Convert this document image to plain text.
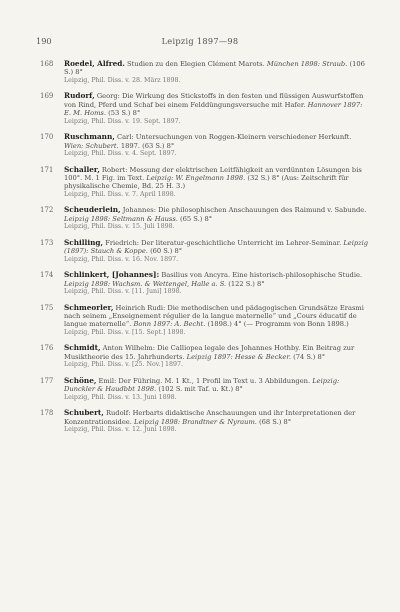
190	Leipzig 1897—98
168 Roedel, Alfred. Studien zu den Elegien Clément Marots. München 1898: Straub. (106 S.) 8°
Leipzig, Phil. Diss. v. 28. März 1898.
169 Rudorf, Georg: Die Wirkung des Stickstoffs in den festen und flüssigen Auswurfstoffen von Rind, Pferd und Schaf bei einem Felddüngungsversuche mit Hafer. Hannover 1897: E. M. Homs. (53 S.) 8°
Leipzig, Phil. Diss. v. 19. Sept. 1897.
170 Ruschmann, Carl: Untersuchungen von Roggen-Kleinern verschiedener Herkunft. Wien: Schubert. 1897. (63 S.) 8°
Leipzig, Phil. Diss. v. 4. Sept. 1897.
171 Schaller, Robert: Messung der elektrischen Leitfähigkeit an verdünnten Lösungen bis 100°. M. 1 Fig. im Text. Leipzig: W. Engelmann 1898. (32 S.) 8° (Aus: Zeitschrift für physikalische Chemie, Bd. 25 H. 3.)
Leipzig, Phil. Diss. v. 7. April 1898.
172 Scheuderlein, Johannes: Die philosophischen Anschauungen des Raimund v. Sabunde. Leipzig 1898: Seltmann & Hauss. (65 S.) 8°
Leipzig, Phil. Diss. v. 15. Juli 1898.
173 Schilling, Friedrich: Der literatur-geschichtliche Unterricht im Lehrer-Seminar. Leipzig (1897): Stauch & Koppe. (60 S.) 8°
Leipzig, Phil. Diss. v. 16. Nov. 1897.
174 Schlinkert, [Johannes]: Basilius von Ancyra. Eine historisch-philosophische Studie. Leipzig 1898: Wachsm. & Wettengel, Halle a. S. (122 S.) 8°
Leipzig, Phil. Diss. v. [11. Juni] 1898.
175 Schmeorler, Heinrich Rudi: Die methodischen und pädagogischen Grundsätze Erasmi nach seinem „Enseignement régulier de la langue maternelle“ und „Cours éducatif de langue maternelle“. Bonn 1897: A. Becht. (1898.) 4° (— Programm von Bonn 1898.)
Leipzig, Phil. Diss. v. [15. Sept.] 1898.
176 Schmidt, Anton Wilhelm: Die Calliopea legale des Johannes Hothby. Ein Beitrag zur Musiktheorie des 15. Jahrhunderts. Leipzig 1897: Hesse & Becker. (74 S.) 8°
Leipzig, Phil. Diss. v. [25. Nov.] 1897.
177 Schöne, Emil: Der Führing. M. 1 Kt., 1 Profil im Text u. 3 Abbildungen. Leipzig: Dunckler & Haudbbt 1898. (102 S. mit Taf. u. Kt.) 8°
Leipzig, Phil. Diss. v. 13. Juni 1898.
178 Schubert, Rudolf: Herbarts didaktische Anschauungen und ihr Interpretationen der Konzentrationsidee. Leipzig 1898: Brandtner & Nyraum. (68 S.) 8°
Leipzig, Phil. Diss. v. 12. Juni 1898.
